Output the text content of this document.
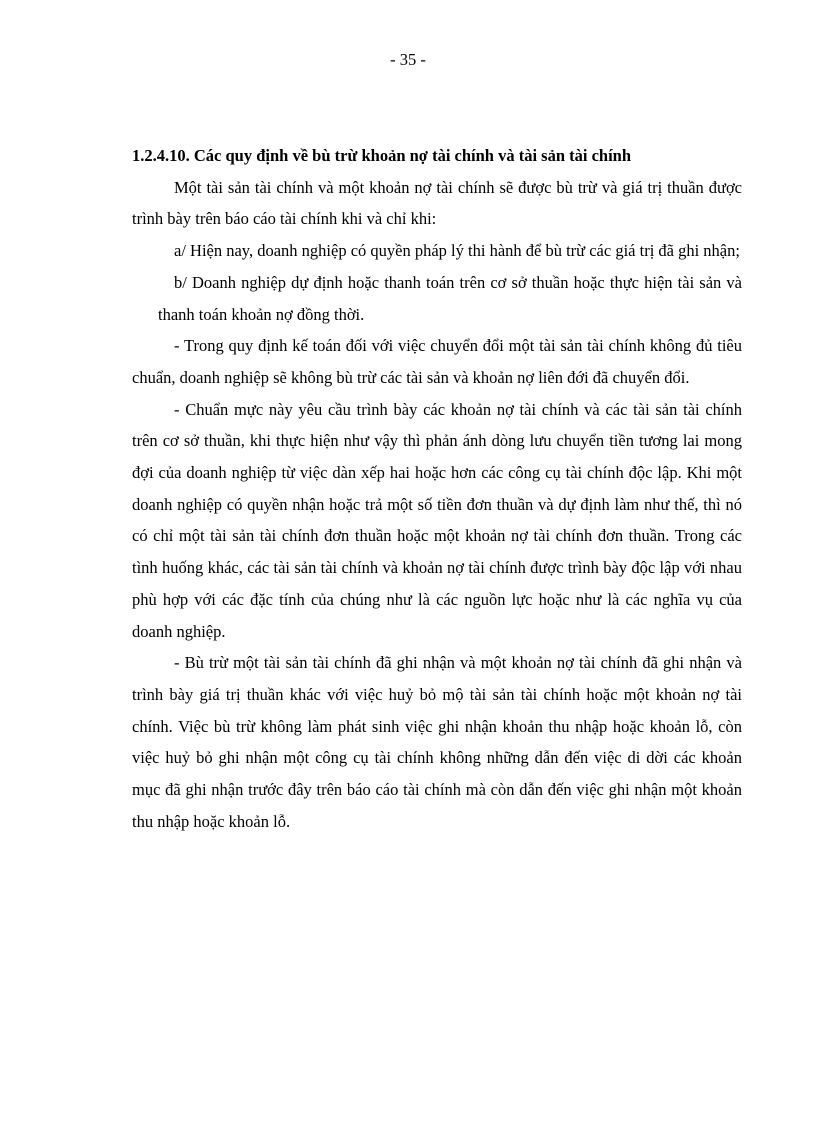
- 35 -

1.2.4.10. Các quy định về bù trừ khoản nợ tài chính và tài sản tài chính

Một tài sản tài chính và một khoản nợ tài chính sẽ được bù trừ và giá trị thuần được trình bày trên báo cáo tài chính khi và chỉ khi:

a/ Hiện nay, doanh nghiệp có quyền pháp lý thi hành để bù trừ các giá trị đã ghi nhận;

b/ Doanh nghiệp dự định hoặc thanh toán trên cơ sở thuần hoặc thực hiện tài sản và thanh toán khoản nợ đồng thời.

- Trong quy định kế toán đối với việc chuyển đổi một tài sản tài chính không đủ tiêu chuẩn, doanh nghiệp sẽ không bù trừ các tài sản và khoản nợ liên đới đã chuyển đổi.

- Chuẩn mực này yêu cầu trình bày các khoản nợ tài chính và các tài sản tài chính trên cơ sở thuần, khi thực hiện như vậy thì phản ánh dòng lưu chuyển tiền tương lai mong đợi của doanh nghiệp từ việc dàn xếp hai hoặc hơn các công cụ tài chính độc lập. Khi một doanh nghiệp có quyền nhận hoặc trả một số tiền đơn thuần và dự định làm như thế, thì nó có chỉ một tài sản tài chính đơn thuần hoặc một khoản nợ tài chính đơn thuần. Trong các tình huống khác, các tài sản tài chính và khoản nợ tài chính được trình bày độc lập với nhau phù hợp với các đặc tính của chúng như là các nguồn lực hoặc như là các nghĩa vụ của doanh nghiệp.

- Bù trừ một tài sản tài chính đã ghi nhận và một khoản nợ tài chính đã ghi nhận và trình bày giá trị thuần khác với việc huỷ bỏ mộ tài sản tài chính hoặc một khoản nợ tài chính. Việc bù trừ không làm phát sinh việc ghi nhận khoản thu nhập hoặc khoản lỗ, còn việc huỷ bỏ ghi nhận một công cụ tài chính không những dẫn đến việc di dời các khoản mục đã ghi nhận trước đây trên báo cáo tài chính mà còn dẫn đến việc ghi nhận một khoản thu nhập hoặc khoản lỗ.
